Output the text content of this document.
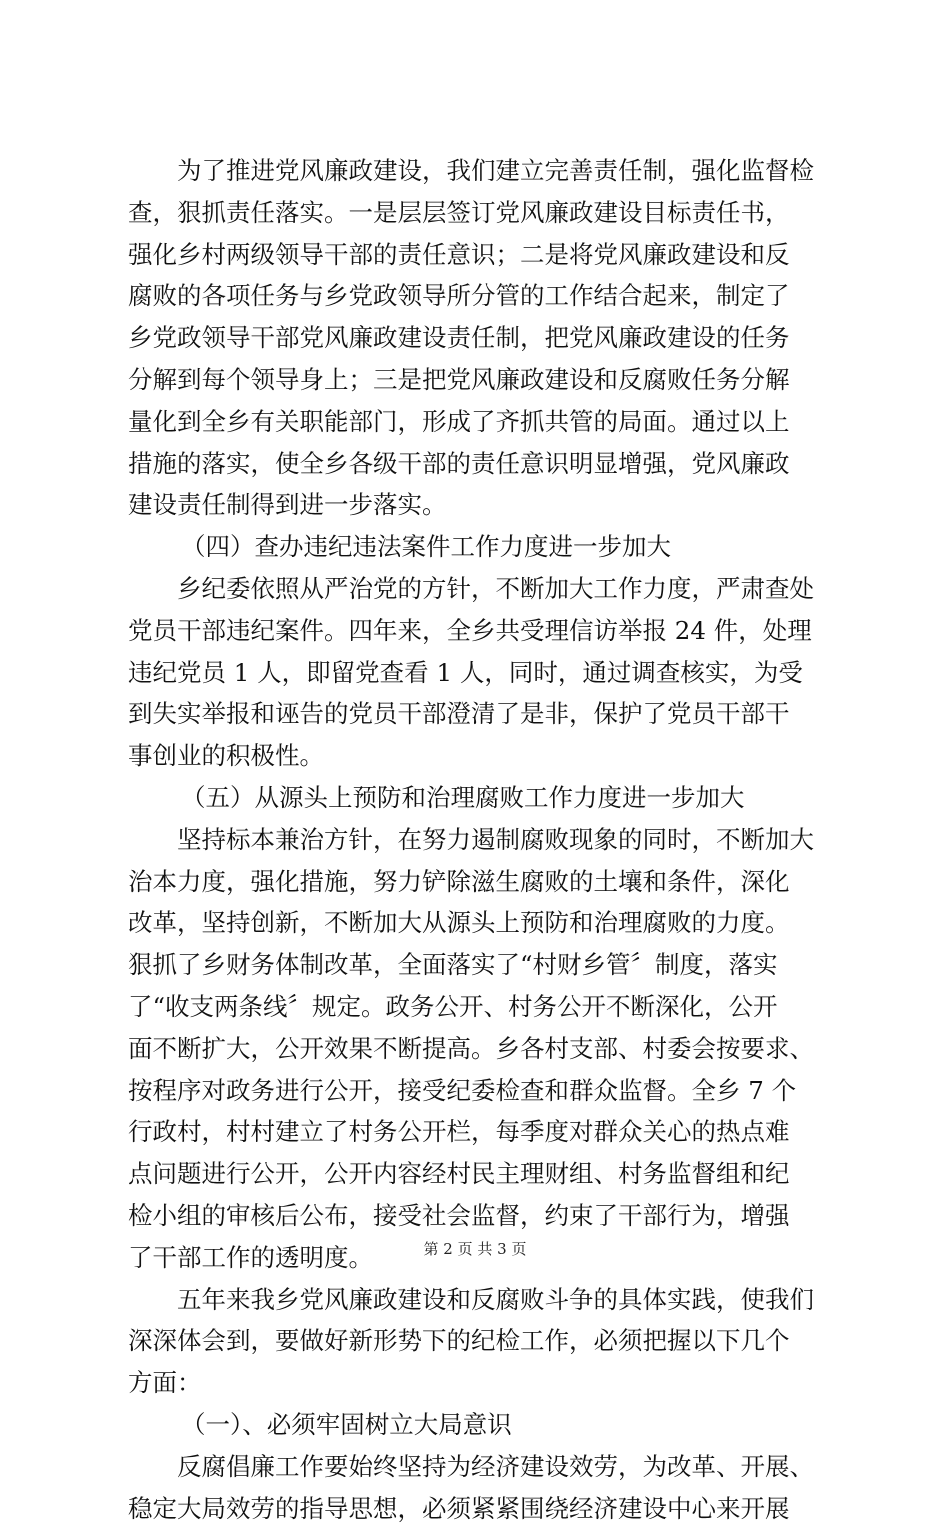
为了推进党风廉政建设，我们建立完善责任制，强化监督检
查，狠抓责任落实。一是层层签订党风廉政建设目标责任书，
强化乡村两级领导干部的责任意识；二是将党风廉政建设和反
腐败的各项任务与乡党政领导所分管的工作结合起来，制定了
乡党政领导干部党风廉政建设责任制，把党风廉政建设的任务
分解到每个领导身上；三是把党风廉政建设和反腐败任务分解
量化到全乡有关职能部门，形成了齐抓共管的局面。通过以上
措施的落实，使全乡各级干部的责任意识明显增强，党风廉政
建设责任制得到进一步落实。
（四）查办违纪违法案件工作力度进一步加大
乡纪委依照从严治党的方针，不断加大工作力度，严肃查处
党员干部违纪案件。四年来，全乡共受理信访举报 24 件，处理
违纪党员 1 人，即留党查看 1 人，同时，通过调查核实，为受
到失实举报和诬告的党员干部澄清了是非，保护了党员干部干
事创业的积极性。
（五）从源头上预防和治理腐败工作力度进一步加大
坚持标本兼治方针，在努力遏制腐败现象的同时，不断加大
治本力度，强化措施，努力铲除滋生腐败的土壤和条件，深化
改革，坚持创新，不断加大从源头上预防和治理腐败的力度。
狠抓了乡财务体制改革，全面落实了“村财乡管〞制度，落实
了“收支两条线〞规定。政务公开、村务公开不断深化，公开
面不断扩大，公开效果不断提高。乡各村支部、村委会按要求、
按程序对政务进行公开，接受纪委检查和群众监督。全乡 7 个
行政村，村村建立了村务公开栏，每季度对群众关心的热点难
点问题进行公开，公开内容经村民主理财组、村务监督组和纪
检小组的审核后公布，接受社会监督，约束了干部行为，增强
了干部工作的透明度。
五年来我乡党风廉政建设和反腐败斗争的具体实践，使我们
深深体会到，要做好新形势下的纪检工作，必须把握以下几个
方面：
（一）、必须牢固树立大局意识
反腐倡廉工作要始终坚持为经济建设效劳，为改革、开展、
稳定大局效劳的指导思想，必须紧紧围绕经济建设中心来开展
第 2 页 共 3 页
